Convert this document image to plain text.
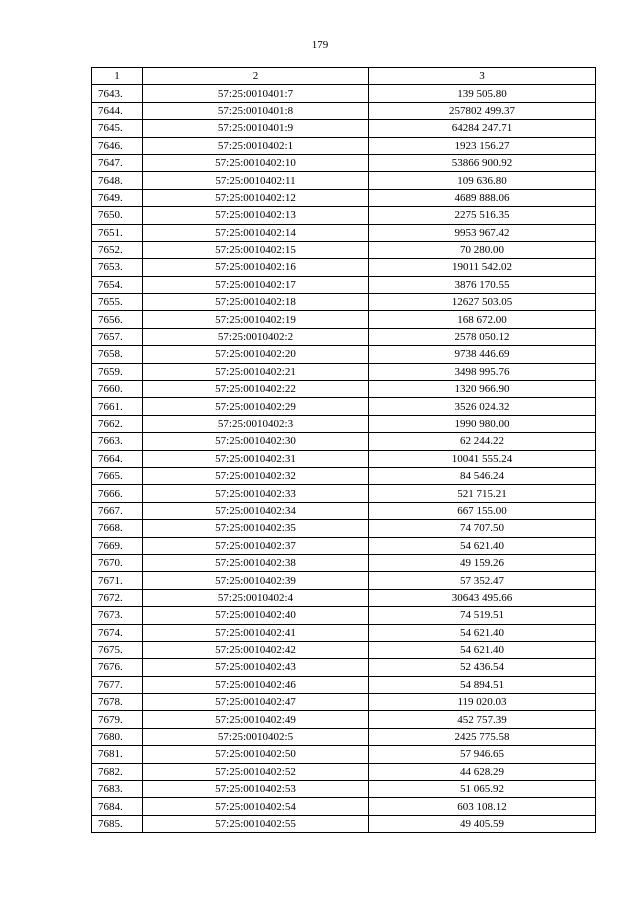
179
1	2	3
7643.	57:25:0010401:7	139 505.80
7644.	57:25:0010401:8	257802 499.37
7645.	57:25:0010401:9	64284 247.71
7646.	57:25:0010402:1	1923 156.27
7647.	57:25:0010402:10	53866 900.92
7648.	57:25:0010402:11	109 636.80
7649.	57:25:0010402:12	4689 888.06
7650.	57:25:0010402:13	2275 516.35
7651.	57:25:0010402:14	9953 967.42
7652.	57:25:0010402:15	70 280.00
7653.	57:25:0010402:16	19011 542.02
7654.	57:25:0010402:17	3876 170.55
7655.	57:25:0010402:18	12627 503.05
7656.	57:25:0010402:19	168 672.00
7657.	57:25:0010402:2	2578 050.12
7658.	57:25:0010402:20	9738 446.69
7659.	57:25:0010402:21	3498 995.76
7660.	57:25:0010402:22	1320 966.90
7661.	57:25:0010402:29	3526 024.32
7662.	57:25:0010402:3	1990 980.00
7663.	57:25:0010402:30	62 244.22
7664.	57:25:0010402:31	10041 555.24
7665.	57:25:0010402:32	84 546.24
7666.	57:25:0010402:33	521 715.21
7667.	57:25:0010402:34	667 155.00
7668.	57:25:0010402:35	74 707.50
7669.	57:25:0010402:37	54 621.40
7670.	57:25:0010402:38	49 159.26
7671.	57:25:0010402:39	57 352.47
7672.	57:25:0010402:4	30643 495.66
7673.	57:25:0010402:40	74 519.51
7674.	57:25:0010402:41	54 621.40
7675.	57:25:0010402:42	54 621.40
7676.	57:25:0010402:43	52 436.54
7677.	57:25:0010402:46	54 894.51
7678.	57:25:0010402:47	119 020.03
7679.	57:25:0010402:49	452 757.39
7680.	57:25:0010402:5	2425 775.58
7681.	57:25:0010402:50	57 946.65
7682.	57:25:0010402:52	44 628.29
7683.	57:25:0010402:53	51 065.92
7684.	57:25:0010402:54	603 108.12
7685.	57:25:0010402:55	49 405.59
